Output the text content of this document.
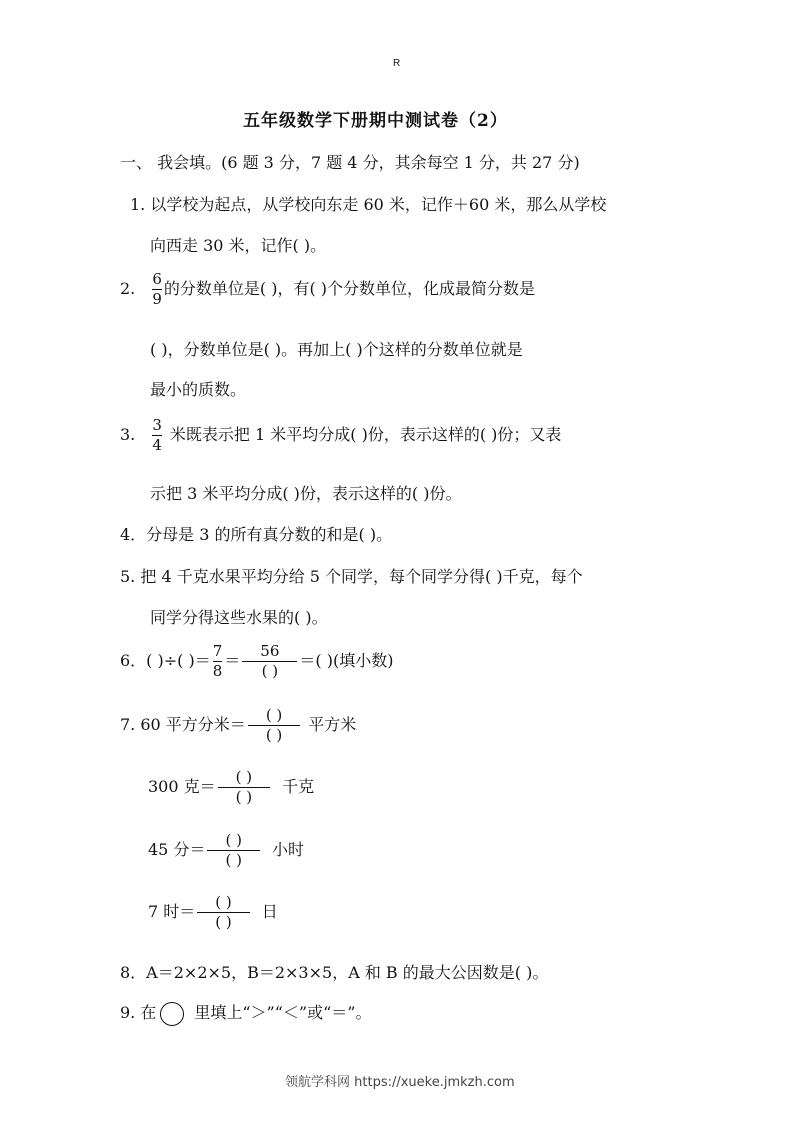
R
五年级数学下册期中测试卷（2）
一、 我会填。(6 题 3 分，7 题 4 分，其余每空 1 分，共 27 分)
1. 以学校为起点，从学校向东走 60 米，记作＋60 米，那么从学校
向西走 30 米，记作( )。
2. $\frac{6}{9}$ 的分数单位是( )，有( )个分数单位，化成最简分数是
( )，分数单位是( )。再加上( )个这样的分数单位就是
最小的质数。
3. $\frac{3}{4}$ 米既表示把 1 米平均分成( )份，表示这样的( )份；又表
示把 3 米平均分成( )份，表示这样的( )份。
4．分母是 3 的所有真分数的和是( )。
5. 把 4 千克水果平均分给 5 个同学，每个同学分得( )千克，每个
同学分得这些水果的( )。
6．( )÷( )＝ $\frac{7}{8} = \frac{56}{( )}$ ＝( )(填小数)
7. 60 平方分米＝ $\frac{( )}{( )}$ 平方米
300 克＝ $\frac{( )}{( )}$ 千克
45 分＝ $\frac{( )}{( )}$ 小时
7 时＝ $\frac{( )}{( )}$ 日
8．A＝2×2×5，B＝2×3×5，A 和 B 的最大公因数是( )。
9. 在 里填上“＞”“＜”或“＝”。
领航学科网 https://xueke.jmkzh.com
